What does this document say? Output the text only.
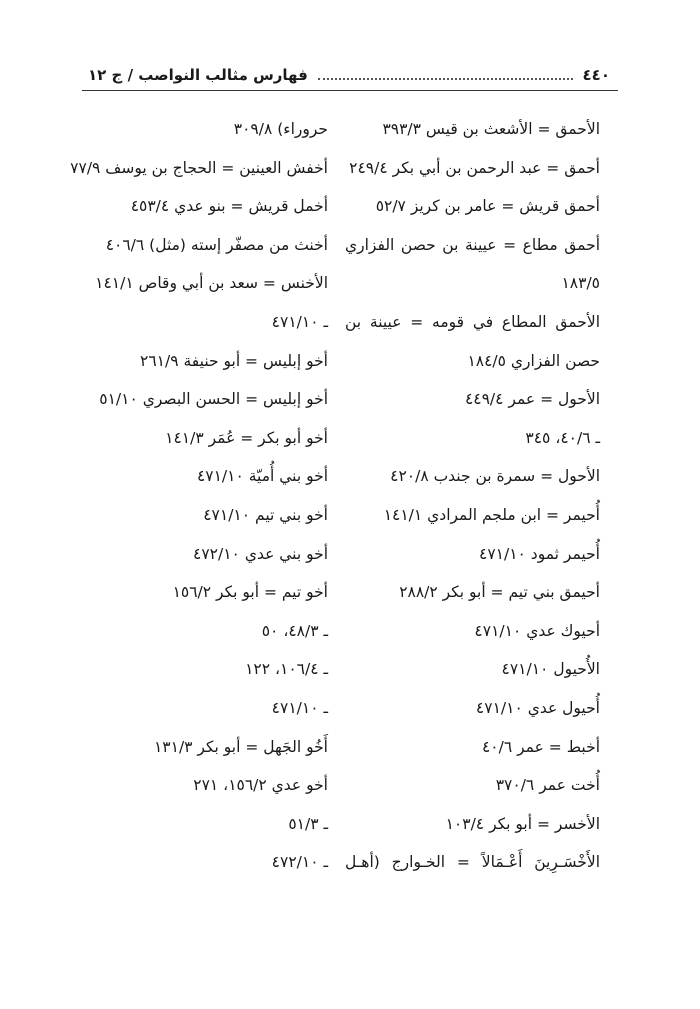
٤٤٠
فهارس مثالب النواصب / ج ١٢
الأحمق = الأشعث بن قيس ٣٩٣/٣
أحمق = عبد الرحمن بن أبي بكر ٢٤٩/٤
أحمق قريش = عامر بن كريز ٥٢/٧
أحمق مطاع = عيينة بن حصن الفزاري
١٨٣/٥
الأحمق المطاع في قومه = عيينة بن
حصن الفزاري ١٨٤/٥
الأحول = عمر ٤٤٩/٤
ـ ٤٠/٦، ٣٤٥
الأحول = سمرة بن جندب ٤٢٠/٨
أُحيمر = ابن ملجم المرادي ١٤١/١
أُحيمر ثمود ٤٧١/١٠
أحيمق بني تيم = أبو بكر ٢٨٨/٢
أحيوك عدي ٤٧١/١٠
الأُحيول ٤٧١/١٠
أُحيول عدي ٤٧١/١٠
أخبط = عمر ٤٠/٦
أُخت عمر ٣٧٠/٦
الأخسر = أبو بكر ١٠٣/٤
الأَخْسَـرِينَ أَعْـمَالاً = الخـوارج (أهـل
حروراء) ٣٠٩/٨
أخفش العينين = الحجاج بن يوسف ٧٧/٩
أخمل قريش = بنو عدي ٤٥٣/٤
أخنث من مصفّر إسته (مثل) ٤٠٦/٦
الأخنس = سعد بن أبي وقاص ١٤١/١
ـ ٤٧١/١٠
أخو إبليس = أبو حنيفة ٢٦١/٩
أخو إبليس = الحسن البصري ٥١/١٠
أخو أبو بكر = عُمَر ١٤١/٣
أخو بني أُميّة ٤٧١/١٠
أخو بني تيم ٤٧١/١٠
أخو بني عدي ٤٧٢/١٠
أخو تيم = أبو بكر ١٥٦/٢
ـ ٤٨/٣، ٥٠
ـ ١٠٦/٤، ١٢٢
ـ ٤٧١/١٠
أَخُو الجَهل = أبو بكر ١٣١/٣
أخو عدي ١٥٦/٢، ٢٧١
ـ ٥١/٣
ـ ٤٧٢/١٠
